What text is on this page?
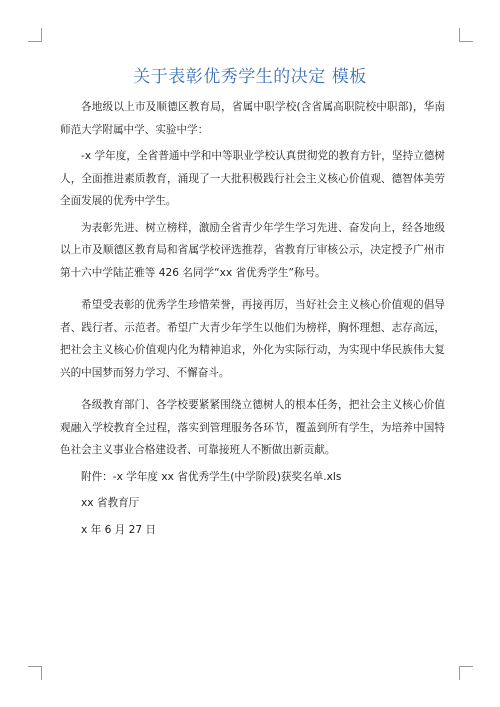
关于表彰优秀学生的决定 模板

各地级以上市及顺德区教育局，省属中职学校(含省属高职院校中职部)，华南师范大学附属中学、实验中学：

-x 学年度，全省普通中学和中等职业学校认真贯彻党的教育方针，坚持立德树人，全面推进素质教育，涌现了一大批积极践行社会主义核心价值观、德智体美劳全面发展的优秀中学生。

为表彰先进、树立榜样，激励全省青少年学生学习先进、奋发向上，经各地级以上市及顺德区教育局和省属学校评选推荐，省教育厅审核公示，决定授予广州市第十六中学陆芷雅等 426 名同学“xx 省优秀学生”称号。

希望受表彰的优秀学生珍惜荣誉，再接再厉，当好社会主义核心价值观的倡导者、践行者、示范者。希望广大青少年学生以他们为榜样，胸怀理想、志存高远，把社会主义核心价值观内化为精神追求，外化为实际行动，为实现中华民族伟大复兴的中国梦而努力学习、不懈奋斗。

各级教育部门、各学校要紧紧围绕立德树人的根本任务，把社会主义核心价值观融入学校教育全过程，落实到管理服务各环节，覆盖到所有学生，为培养中国特色社会主义事业合格建设者、可靠接班人不断做出新贡献。

附件：-x 学年度 xx 省优秀学生(中学阶段)获奖名单.xls

xx 省教育厅

x 年 6 月 27 日
